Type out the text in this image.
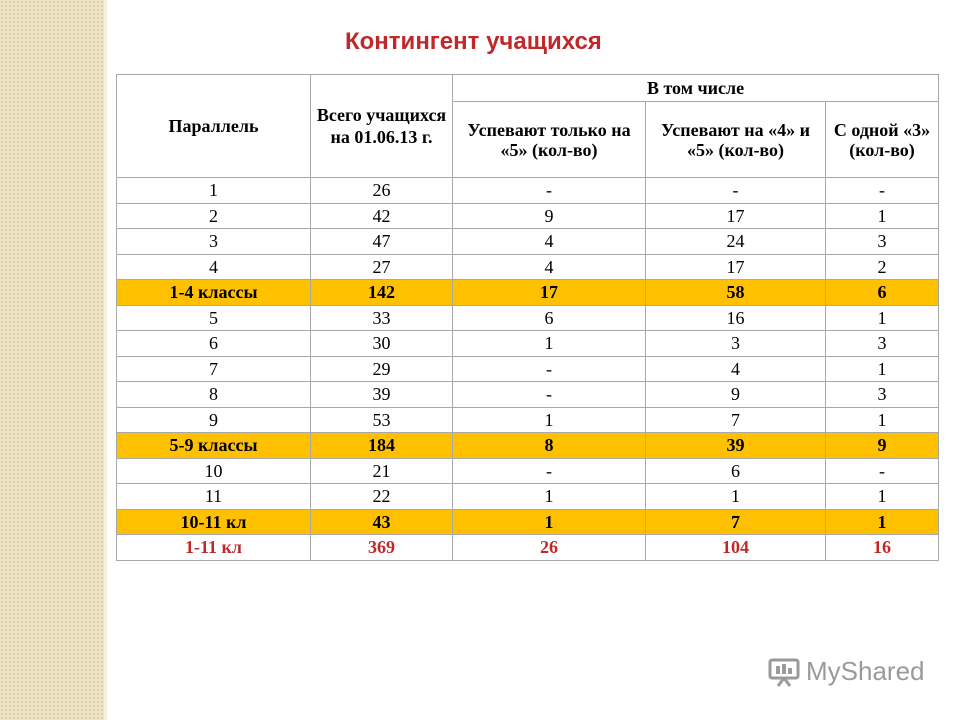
Контингент учащихся
Параллель	Всего учащихся на 01.06.13 г.	В том числе		
		Успевают только на «5» (кол-во)	Успевают на «4» и «5» (кол-во)	С одной «3» (кол-во)
1	26	-	-	-
2	42	9	17	1
3	47	4	24	3
4	27	4	17	2
1-4 классы	142	17	58	6
5	33	6	16	1
6	30	1	3	3
7	29	-	4	1
8	39	-	9	3
9	53	1	7	1
5-9 классы	184	8	39	9
10	21	-	6	-
11	22	1	1	1
10-11 кл	43	1	7	1
1-11 кл	369	26	104	16
MyShared
